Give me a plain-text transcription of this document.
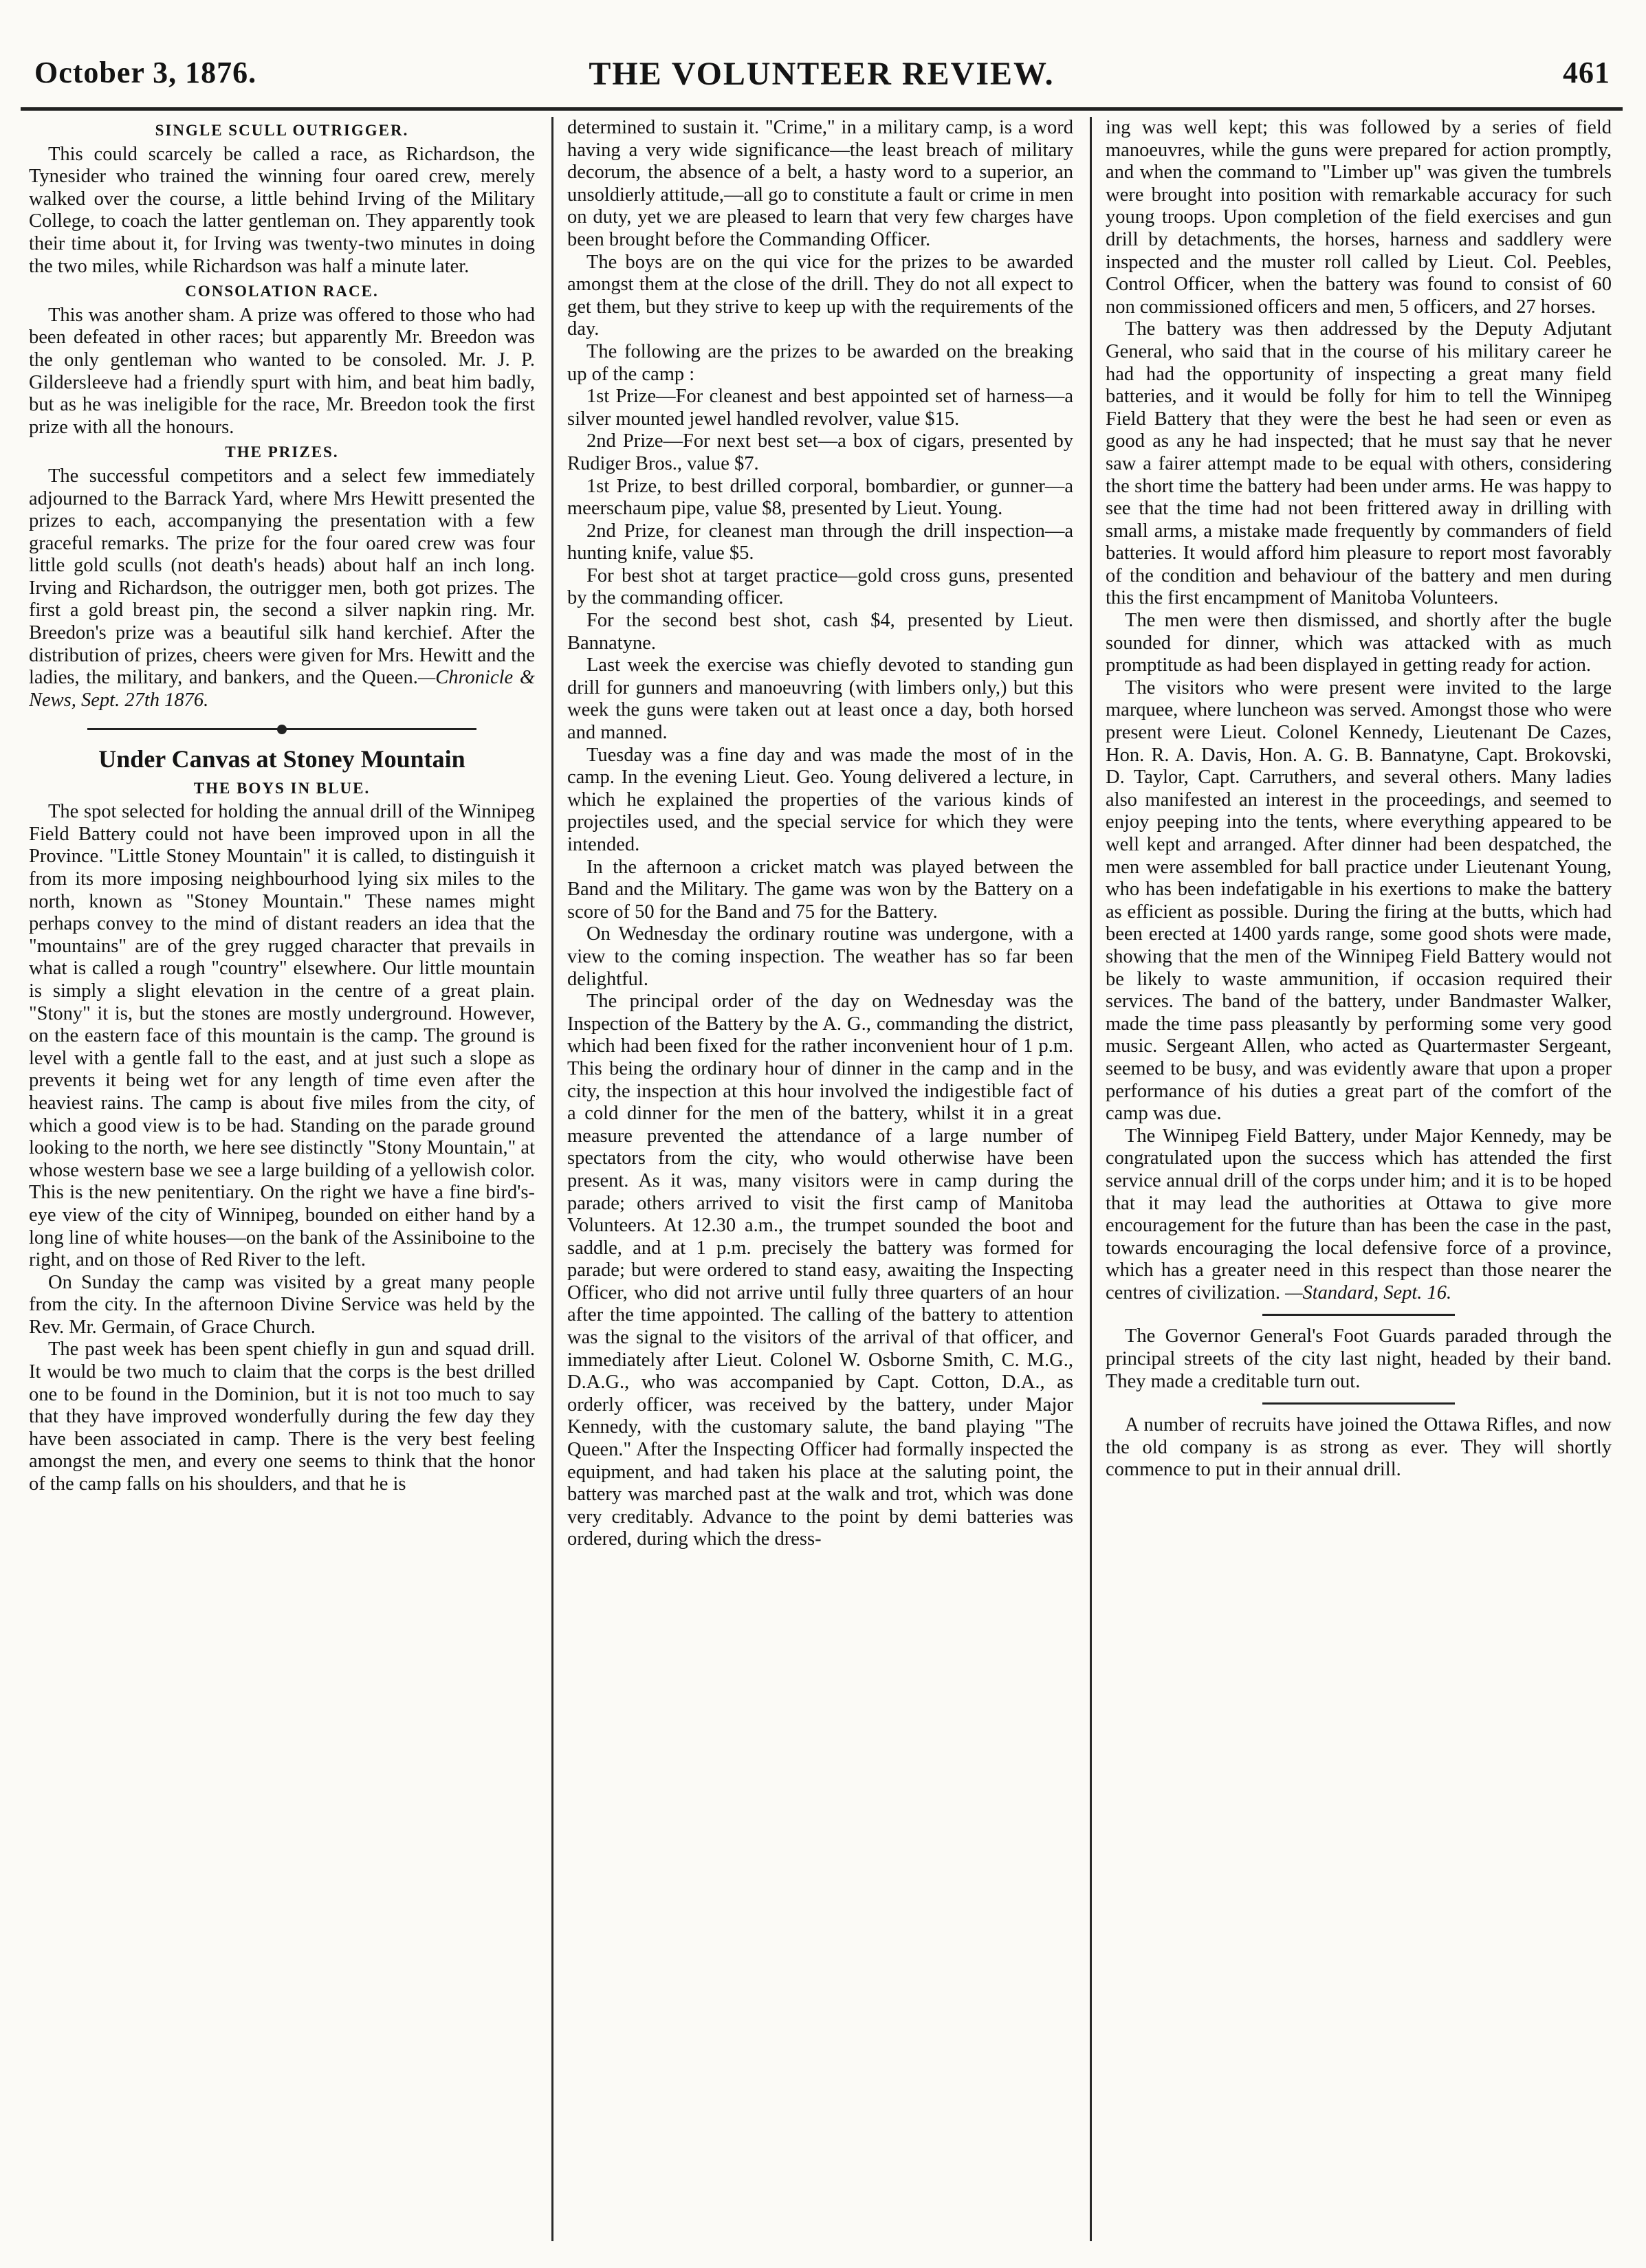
October 3, 1876.	THE VOLUNTEER REVIEW.	461

SINGLE SCULL OUTRIGGER.

This could scarcely be called a race, as Richardson, the Tynesider who trained the winning four oared crew, merely walked over the course, a little behind Irving of the Military College, to coach the latter gentleman on. They apparently took their time about it, for Irving was twenty-two minutes in doing the two miles, while Richardson was half a minute later.

CONSOLATION RACE.

This was another sham. A prize was offered to those who had been defeated in other races; but apparently Mr. Breedon was the only gentleman who wanted to be consoled. Mr. J. P. Gildersleeve had a friendly spurt with him, and beat him badly, but as he was ineligible for the race, Mr. Breedon took the first prize with all the honours.

THE PRIZES.

The successful competitors and a select few immediately adjourned to the Barrack Yard, where Mrs Hewitt presented the prizes to each, accompanying the presentation with a few graceful remarks. The prize for the four oared crew was four little gold sculls (not death's heads) about half an inch long. Irving and Richardson, the outrigger men, both got prizes. The first a gold breast pin, the second a silver napkin ring. Mr. Breedon's prize was a beautiful silk hand kerchief. After the distribution of prizes, cheers were given for Mrs. Hewitt and the ladies, the military, and bankers, and the Queen.—Chronicle & News, Sept. 27th 1876.

Under Canvas at Stoney Mountain

THE BOYS IN BLUE.

The spot selected for holding the annual drill of the Winnipeg Field Battery could not have been improved upon in all the Province. "Little Stoney Mountain" it is called, to distinguish it from its more imposing neighbourhood lying six miles to the north, known as "Stoney Mountain." These names might perhaps convey to the mind of distant readers an idea that the "mountains" are of the grey rugged character that prevails in what is called a rough "country" elsewhere. Our little mountain is simply a slight elevation in the centre of a great plain. "Stony" it is, but the stones are mostly underground. However, on the eastern face of this mountain is the camp. The ground is level with a gentle fall to the east, and at just such a slope as prevents it being wet for any length of time even after the heaviest rains. The camp is about five miles from the city, of which a good view is to be had. Standing on the parade ground looking to the north, we here see distinctly "Stony Mountain," at whose western base we see a large building of a yellowish color. This is the new penitentiary. On the right we have a fine bird's-eye view of the city of Winnipeg, bounded on either hand by a long line of white houses—on the bank of the Assiniboine to the right, and on those of Red River to the left.

On Sunday the camp was visited by a great many people from the city. In the afternoon Divine Service was held by the Rev. Mr. Germain, of Grace Church.

The past week has been spent chiefly in gun and squad drill. It would be two much to claim that the corps is the best drilled one to be found in the Dominion, but it is not too much to say that they have improved wonderfully during the few day they have been associated in camp. There is the very best feeling amongst the men, and every one seems to think that the honor of the camp falls on his shoulders, and that he is

determined to sustain it. "Crime," in a military camp, is a word having a very wide significance—the least breach of military decorum, the absence of a belt, a hasty word to a superior, an unsoldierly attitude,—all go to constitute a fault or crime in men on duty, yet we are pleased to learn that very few charges have been brought before the Commanding Officer.

The boys are on the qui vice for the prizes to be awarded amongst them at the close of the drill. They do not all expect to get them, but they strive to keep up with the requirements of the day.

The following are the prizes to be awarded on the breaking up of the camp :

1st Prize—For cleanest and best appointed set of harness—a silver mounted jewel handled revolver, value $15.

2nd Prize—For next best set—a box of cigars, presented by Rudiger Bros., value $7.

1st Prize, to best drilled corporal, bombardier, or gunner—a meerschaum pipe, value $8, presented by Lieut. Young.

2nd Prize, for cleanest man through the drill inspection—a hunting knife, value $5.

For best shot at target practice—gold cross guns, presented by the commanding officer.

For the second best shot, cash $4, presented by Lieut. Bannatyne.

Last week the exercise was chiefly devoted to standing gun drill for gunners and manoeuvring (with limbers only,) but this week the guns were taken out at least once a day, both horsed and manned.

Tuesday was a fine day and was made the most of in the camp. In the evening Lieut. Geo. Young delivered a lecture, in which he explained the properties of the various kinds of projectiles used, and the special service for which they were intended.

In the afternoon a cricket match was played between the Band and the Military. The game was won by the Battery on a score of 50 for the Band and 75 for the Battery.

On Wednesday the ordinary routine was undergone, with a view to the coming inspection. The weather has so far been delightful.

The principal order of the day on Wednesday was the Inspection of the Battery by the A. G., commanding the district, which had been fixed for the rather inconvenient hour of 1 p.m. This being the ordinary hour of dinner in the camp and in the city, the inspection at this hour involved the indigestible fact of a cold dinner for the men of the battery, whilst it in a great measure prevented the attendance of a large number of spectators from the city, who would otherwise have been present. As it was, many visitors were in camp during the parade; others arrived to visit the first camp of Manitoba Volunteers. At 12.30 a.m., the trumpet sounded the boot and saddle, and at 1 p.m. precisely the battery was formed for parade; but were ordered to stand easy, awaiting the Inspecting Officer, who did not arrive until fully three quarters of an hour after the time appointed. The calling of the battery to attention was the signal to the visitors of the arrival of that officer, and immediately after Lieut. Colonel W. Osborne Smith, C. M.G., D.A.G., who was accompanied by Capt. Cotton, D.A., as orderly officer, was received by the battery, under Major Kennedy, with the customary salute, the band playing "The Queen." After the Inspecting Officer had formally inspected the equipment, and had taken his place at the saluting point, the battery was marched past at the walk and trot, which was done very creditably. Advance to the point by demi batteries was ordered, during which the dress-

ing was well kept; this was followed by a series of field manoeuvres, while the guns were prepared for action promptly, and when the command to "Limber up" was given the tumbrels were brought into position with remarkable accuracy for such young troops. Upon completion of the field exercises and gun drill by detachments, the horses, harness and saddlery were inspected and the muster roll called by Lieut. Col. Peebles, Control Officer, when the battery was found to consist of 60 non commissioned officers and men, 5 officers, and 27 horses.

The battery was then addressed by the Deputy Adjutant General, who said that in the course of his military career he had had the opportunity of inspecting a great many field batteries, and it would be folly for him to tell the Winnipeg Field Battery that they were the best he had seen or even as good as any he had inspected; that he must say that he never saw a fairer attempt made to be equal with others, considering the short time the battery had been under arms. He was happy to see that the time had not been frittered away in drilling with small arms, a mistake made frequently by commanders of field batteries. It would afford him pleasure to report most favorably of the condition and behaviour of the battery and men during this the first encampment of Manitoba Volunteers.

The men were then dismissed, and shortly after the bugle sounded for dinner, which was attacked with as much promptitude as had been displayed in getting ready for action.

The visitors who were present were invited to the large marquee, where luncheon was served. Amongst those who were present were Lieut. Colonel Kennedy, Lieutenant De Cazes, Hon. R. A. Davis, Hon. A. G. B. Bannatyne, Capt. Brokovski, D. Taylor, Capt. Carruthers, and several others. Many ladies also manifested an interest in the proceedings, and seemed to enjoy peeping into the tents, where everything appeared to be well kept and arranged. After dinner had been despatched, the men were assembled for ball practice under Lieutenant Young, who has been indefatigable in his exertions to make the battery as efficient as possible. During the firing at the butts, which had been erected at 1400 yards range, some good shots were made, showing that the men of the Winnipeg Field Battery would not be likely to waste ammunition, if occasion required their services. The band of the battery, under Bandmaster Walker, made the time pass pleasantly by performing some very good music. Sergeant Allen, who acted as Quartermaster Sergeant, seemed to be busy, and was evidently aware that upon a proper performance of his duties a great part of the comfort of the camp was due.

The Winnipeg Field Battery, under Major Kennedy, may be congratulated upon the success which has attended the first service annual drill of the corps under him; and it is to be hoped that it may lead the authorities at Ottawa to give more encouragement for the future than has been the case in the past, towards encouraging the local defensive force of a province, which has a greater need in this respect than those nearer the centres of civilization. —Standard, Sept. 16.

The Governor General's Foot Guards paraded through the principal streets of the city last night, headed by their band. They made a creditable turn out.

A number of recruits have joined the Ottawa Rifles, and now the old company is as strong as ever. They will shortly commence to put in their annual drill.
